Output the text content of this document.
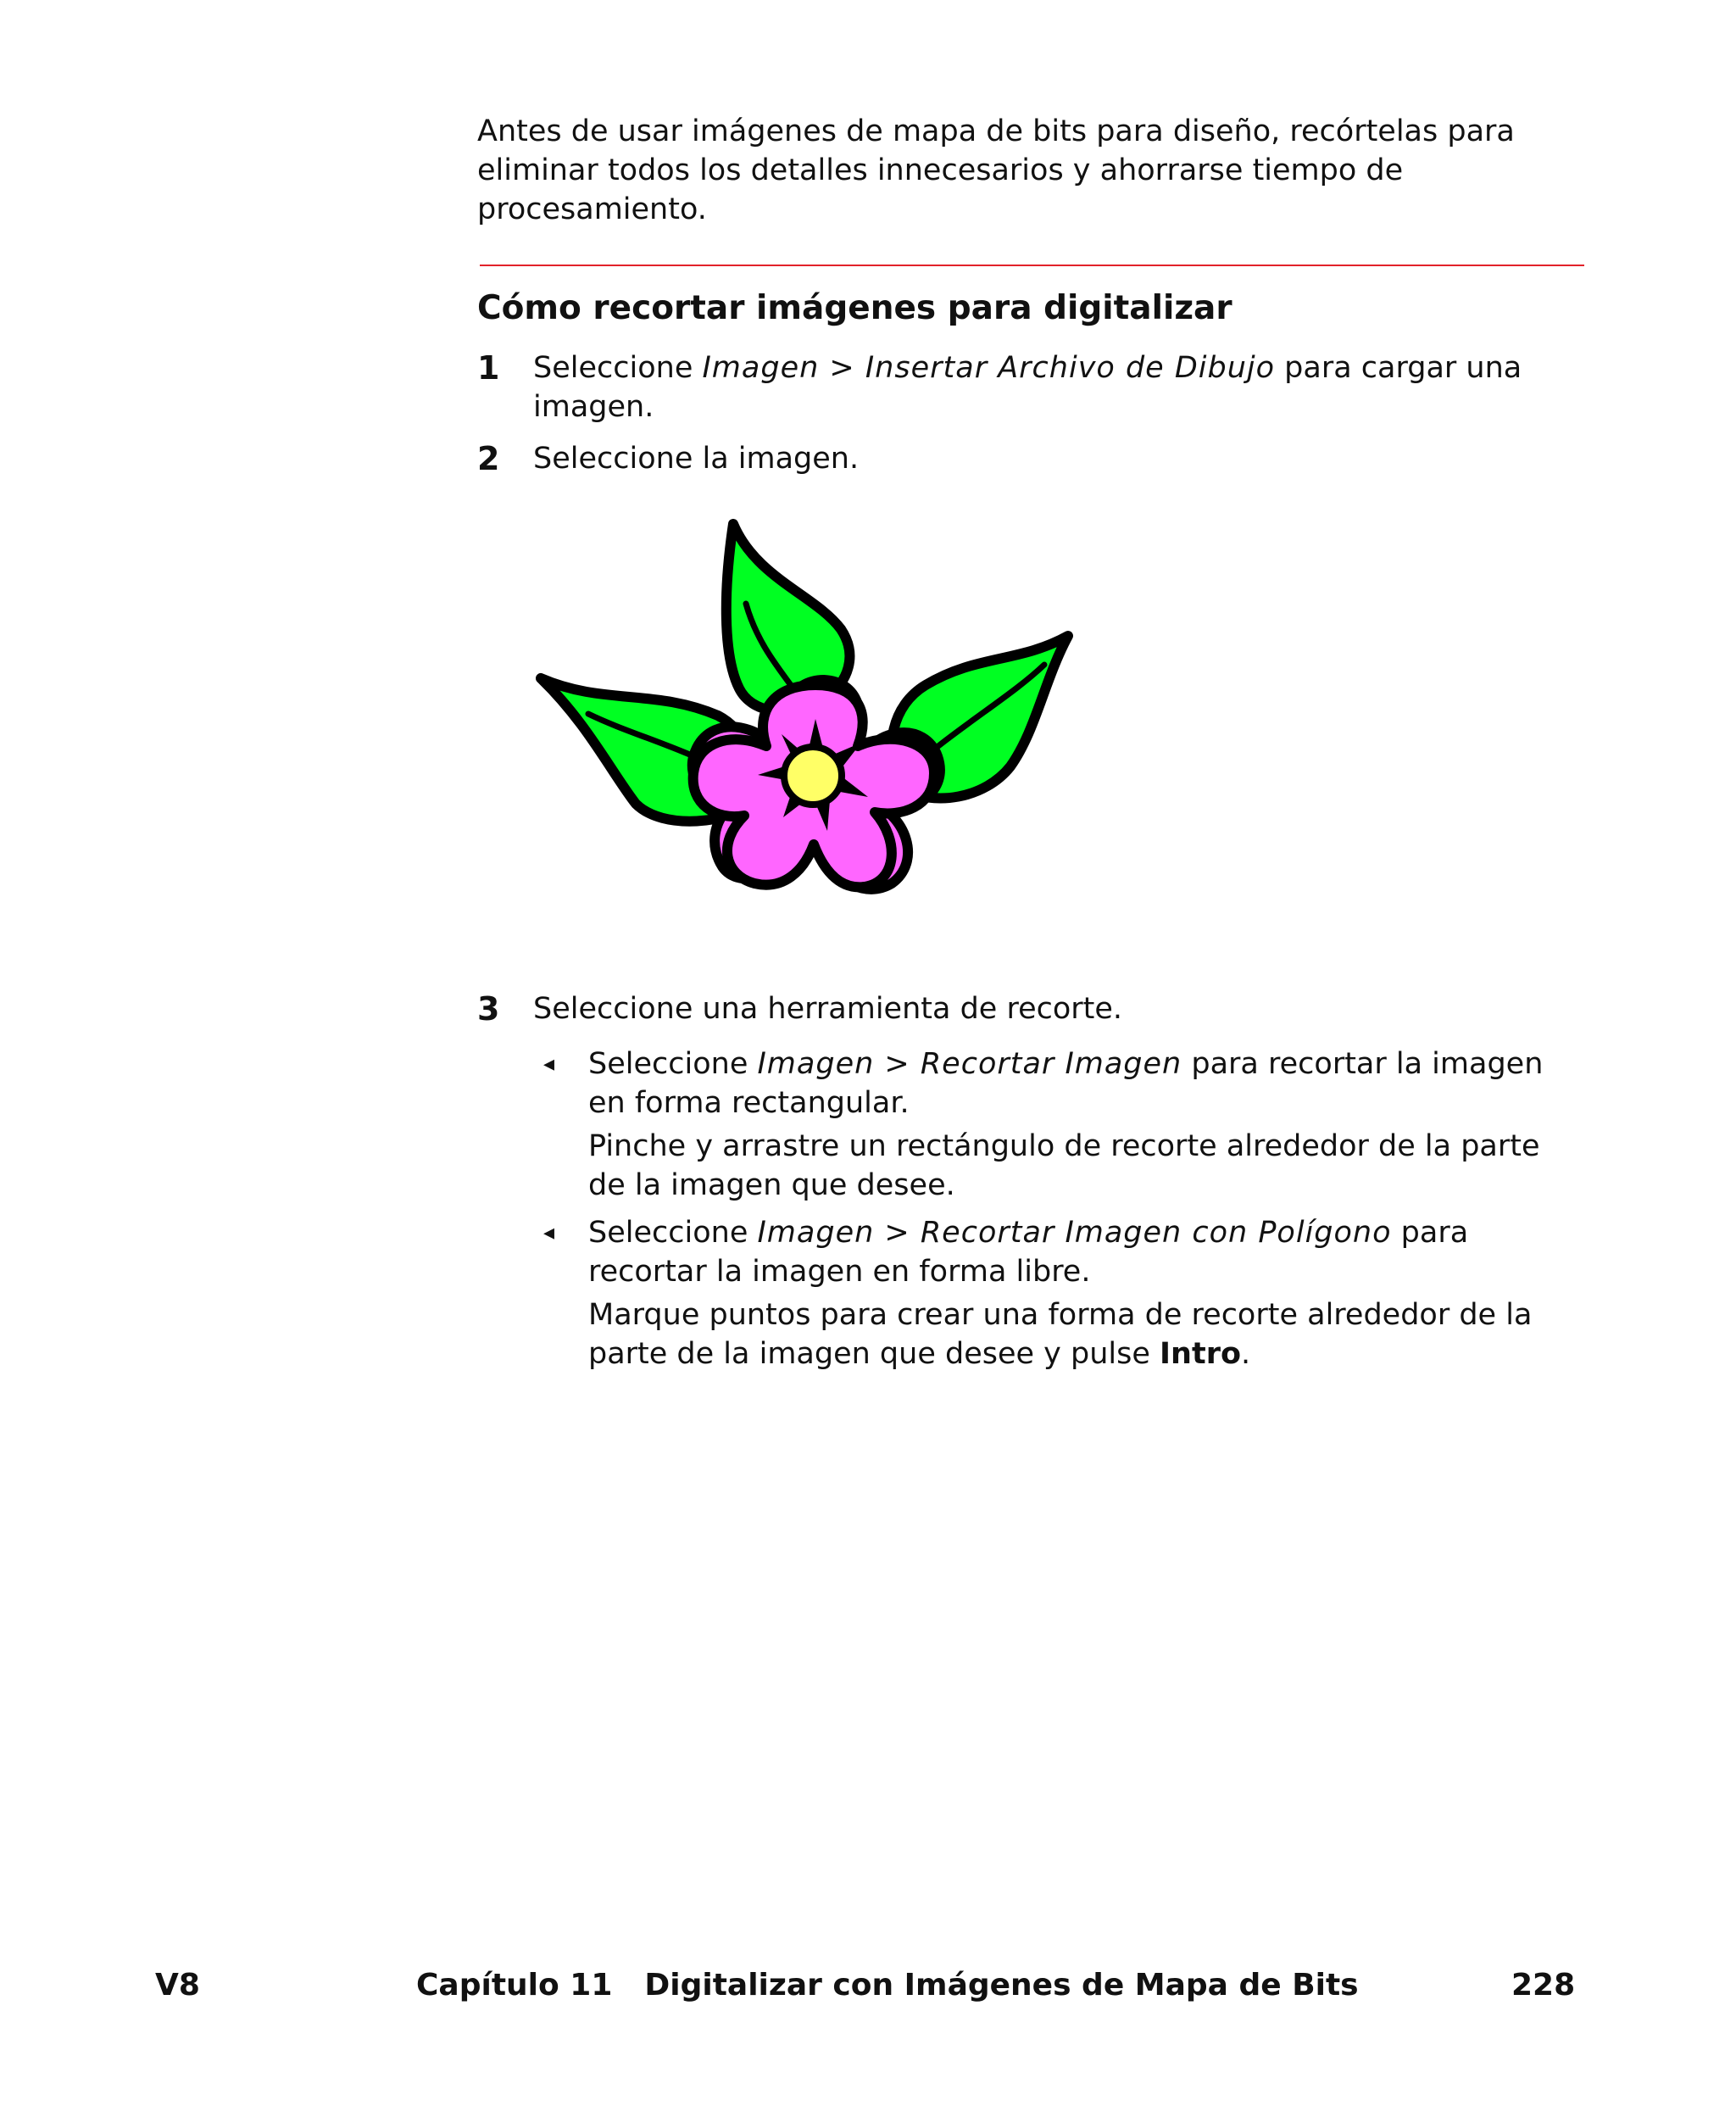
Antes de usar imágenes de mapa de bits para diseño, recórtelas para eliminar todos los detalles innecesarios y ahorrarse tiempo de procesamiento.

Cómo recortar imágenes para digitalizar
1 Seleccione Imagen > Insertar Archivo de Dibujo para cargar una imagen.
2 Seleccione la imagen.
3 Seleccione una herramienta de recorte.
◂ Seleccione Imagen > Recortar Imagen para recortar la imagen en forma rectangular.
Pinche y arrastre un rectángulo de recorte alrededor de la parte de la imagen que desee.
◂ Seleccione Imagen > Recortar Imagen con Polígono para recortar la imagen en forma libre.
Marque puntos para crear una forma de recorte alrededor de la parte de la imagen que desee y pulse Intro.
V8	Capítulo 11 Digitalizar con Imágenes de Mapa de Bits	228
